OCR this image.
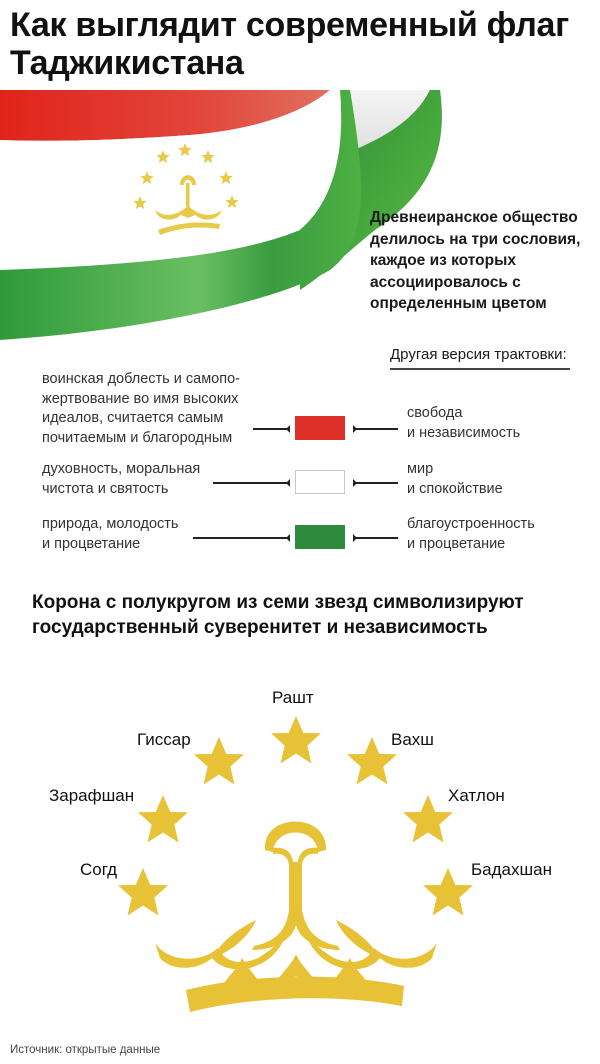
Как выглядит современный флаг Таджикистана
Древнеиранское общество делилось на три сословия, каждое из которых ассоциировалось с определенным цветом
Другая версия трактовки:
воинская доблесть и самопо-
жертвование во имя высоких
идеалов, считается самым
почитаемым и благородным
свобода
и независимость
духовность, моральная
чистота и святость
мир
и спокойствие
природа, молодость
и процветание
благоустроенность
и процветание
Корона с полукругом из семи звезд символизируют государственный суверенитет и независимость
Согд
Зарафшан
Гиссар
Рашт
Вахш
Хатлон
Бадахшан
Источник: открытые данные
